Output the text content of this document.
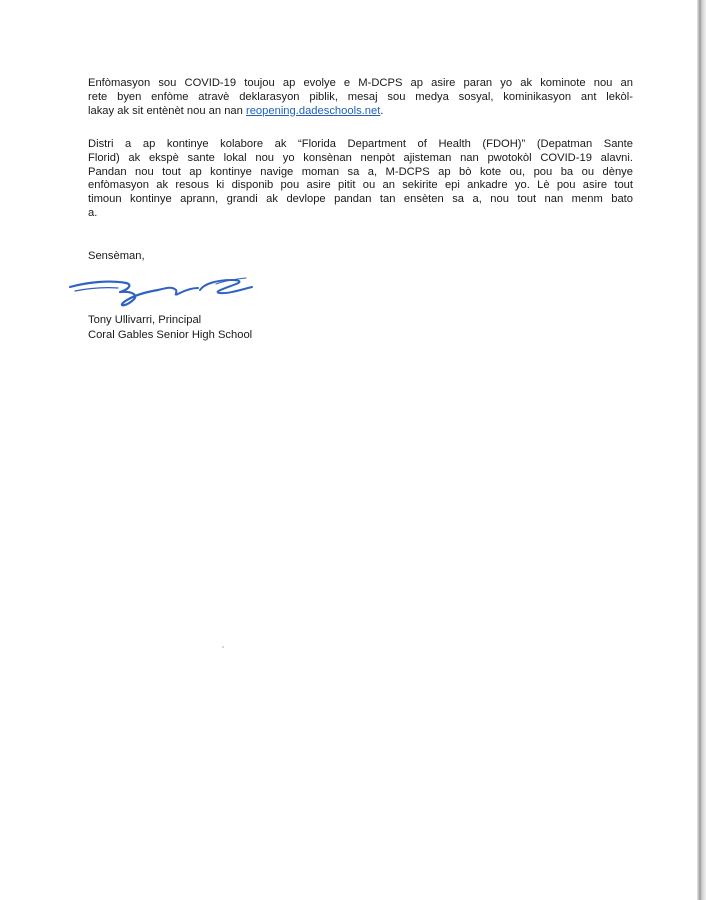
Enfòmasyon sou COVID-19 toujou ap evolye e M-DCPS ap asire paran yo ak kominote nou an
rete byen enfòme atravè deklarasyon piblik, mesaj sou medya sosyal, kominikasyon ant lekòl-
lakay ak sit entènèt nou an nan reopening.dadeschools.net.

Distri a ap kontinye kolabore ak “Florida Department of Health (FDOH)” (Depatman Sante
Florid) ak ekspè sante lokal nou yo konsènan nenpòt ajisteman nan pwotokòl COVID-19 alavni.
Pandan nou tout ap kontinye navige moman sa a, M-DCPS ap bò kote ou, pou ba ou dènye
enfòmasyon ak resous ki disponib pou asire pitit ou an sekirite epi ankadre yo. Lè pou asire tout
timoun kontinye aprann, grandi ak devlope pandan tan ensèten sa a, nou tout nan menm bato
a.

Sensèman,

Tony Ullivarri, Principal
Coral Gables Senior High School
